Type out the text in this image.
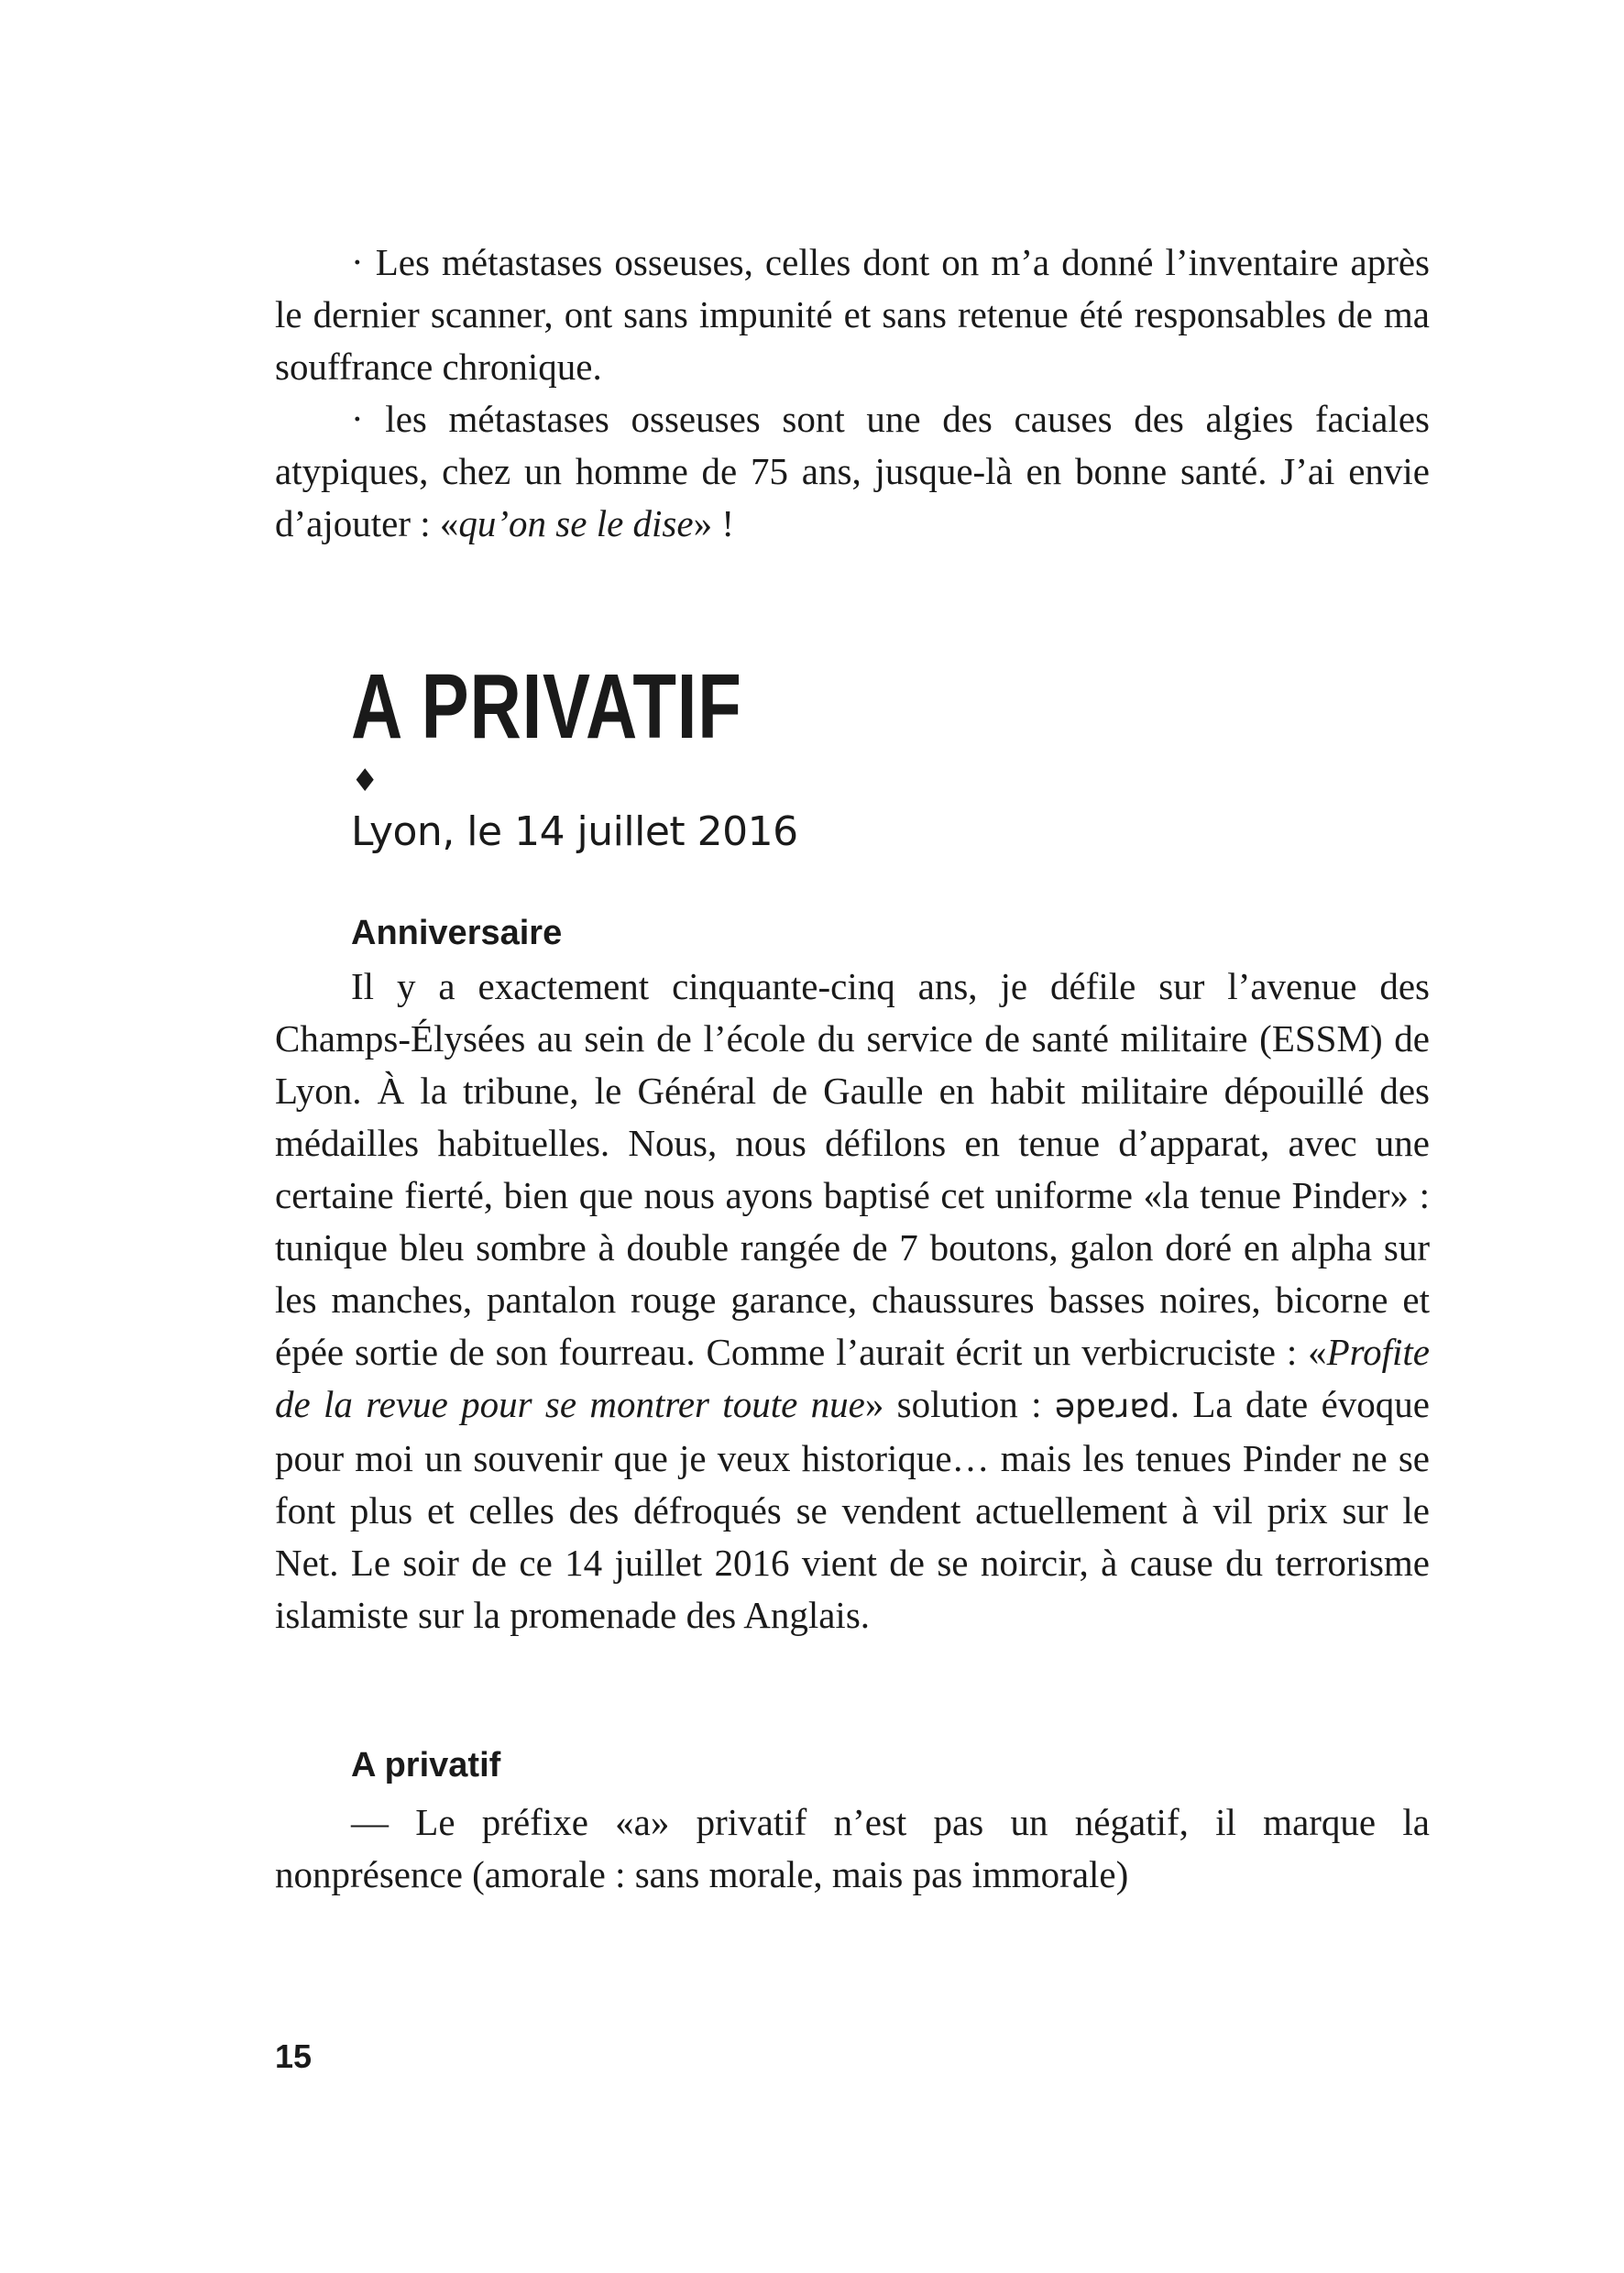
· Les métastases osseuses, celles dont on m’a donné l’inventaire après le dernier scanner, ont sans impunité et sans retenue été responsables de ma souffrance chronique.

· les métastases osseuses sont une des causes des algies faciales atypiques, chez un homme de 75 ans, jusque-là en bonne santé. J’ai envie d’ajouter : «qu’on se le dise» !

A PRIVATIF
♦
Lyon, le 14 juillet 2016
Anniversaire

Il y a exactement cinquante-cinq ans, je défile sur l’avenue des Champs-Élysées au sein de l’école du service de santé militaire (ESSM) de Lyon. À la tribune, le Général de Gaulle en habit militaire dépouillé des médailles habituelles. Nous, nous défilons en tenue d’apparat, avec une certaine fierté, bien que nous ayons baptisé cet uniforme «la tenue Pinder» : tunique bleu sombre à double rangée de 7 boutons, galon doré en alpha sur les manches, pantalon rouge garance, chaussures basses noires, bicorne et épée sortie de son fourreau. Comme l’aurait écrit un verbicruciste : «Profite de la revue pour se montrer toute nue» solution : ǝpɐɹɐd. La date évoque pour moi un souvenir que je veux historique… mais les tenues Pinder ne se font plus et celles des défroqués se vendent actuellement à vil prix sur le Net. Le soir de ce 14 juillet 2016 vient de se noircir, à cause du terrorisme islamiste sur la promenade des Anglais.

A privatif

— Le préfixe «a» privatif n’est pas un négatif, il marque la nonprésence (amorale : sans morale, mais pas immorale)

15
